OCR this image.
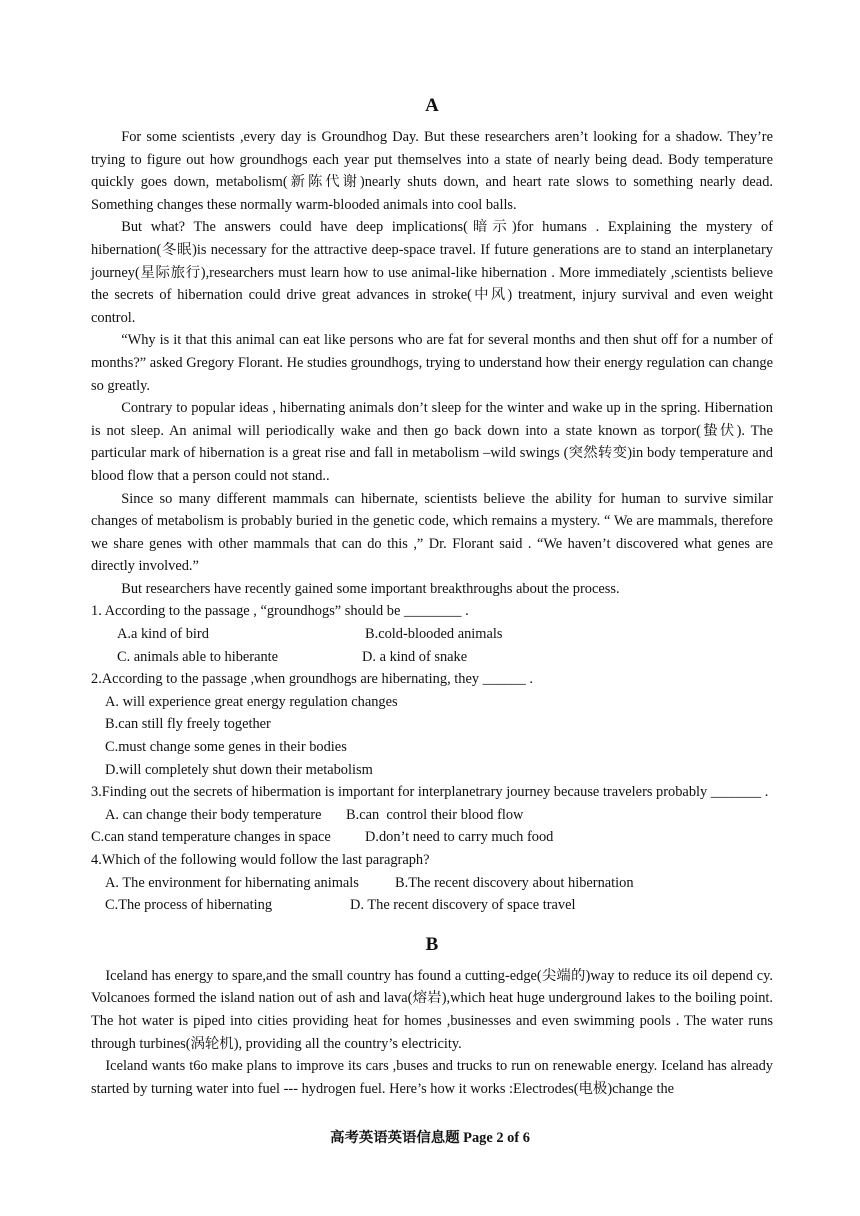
A

For some scientists ,every day is Groundhog Day. But these researchers aren’t looking for a shadow. They’re trying to figure out how groundhogs each year put themselves into a state of nearly being dead. Body temperature quickly goes down, metabolism(新陈代谢)nearly shuts down, and heart rate slows to something nearly dead. Something changes these normally warm-blooded animals into cool balls.

But what? The answers could have deep implications(暗示)for humans . Explaining the mystery of hibernation(冬眠)is necessary for the attractive deep-space travel. If future generations are to stand an interplanetary journey(星际旅行),researchers must learn how to use animal-like hibernation . More immediately ,scientists believe the secrets of hibernation could drive great advances in stroke(中风) treatment, injury survival and even weight control.

“Why is it that this animal can eat like persons who are fat for several months and then shut off for a number of months?” asked Gregory Florant. He studies groundhogs, trying to understand how their energy regulation can change so greatly.

Contrary to popular ideas , hibernating animals don’t sleep for the winter and wake up in the spring. Hibernation is not sleep. An animal will periodically wake and then go back down into a state known as torpor(蛰伏). The particular mark of hibernation is a great rise and fall in metabolism –wild swings (突然转变)in body temperature and blood flow that a person could not stand..

Since so many different mammals can hibernate, scientists believe the ability for human to survive similar changes of metabolism is probably buried in the genetic code, which remains a mystery. “ We are mammals, therefore we share genes with other mammals that can do this ,” Dr. Florant said . “We haven’t discovered what genes are directly involved.”

But researchers have recently gained some important breakthroughs about the process.

1. According to the passage , “groundhogs” should be ________ .
A.a kind of bird	B.cold-blooded animals
C. animals able to hiberante	D. a kind of snake
2.According to the passage ,when groundhogs are hibernating, they ______ .
A. will experience great energy regulation changes
B.can still fly freely together
C.must change some genes in their bodies
D.will completely shut down their metabolism

3.Finding out the secrets of hibermation is important for interplanetrary journey because travelers probably _______ .

A. can change their body temperature B.can  control their blood flow
C.can stand temperature changes in space D.don’t need to carry much food
4.Which of the following would follow the last paragraph?
A. The environment for hibernating animals	B.The recent discovery about hibernation
C.The process of hibernating	D. The recent discovery of space travel
B

Iceland has energy to spare,and the small country has found a cutting-edge(尖端的)way to reduce its oil depend cy. Volcanoes formed the island nation out of ash and lava(熔岩),which heat huge underground lakes to the boiling point. The hot water is piped into cities providing heat for homes ,businesses and even swimming pools . The water runs through turbines(涡轮机), providing all the country’s electricity.

Iceland wants t6o make plans to improve its cars ,buses and trucks to run on renewable energy. Iceland has already started by turning water into fuel --- hydrogen fuel. Here’s how it works :Electrodes(电极)change the

高考英语英语信息题 Page 2 of 6
